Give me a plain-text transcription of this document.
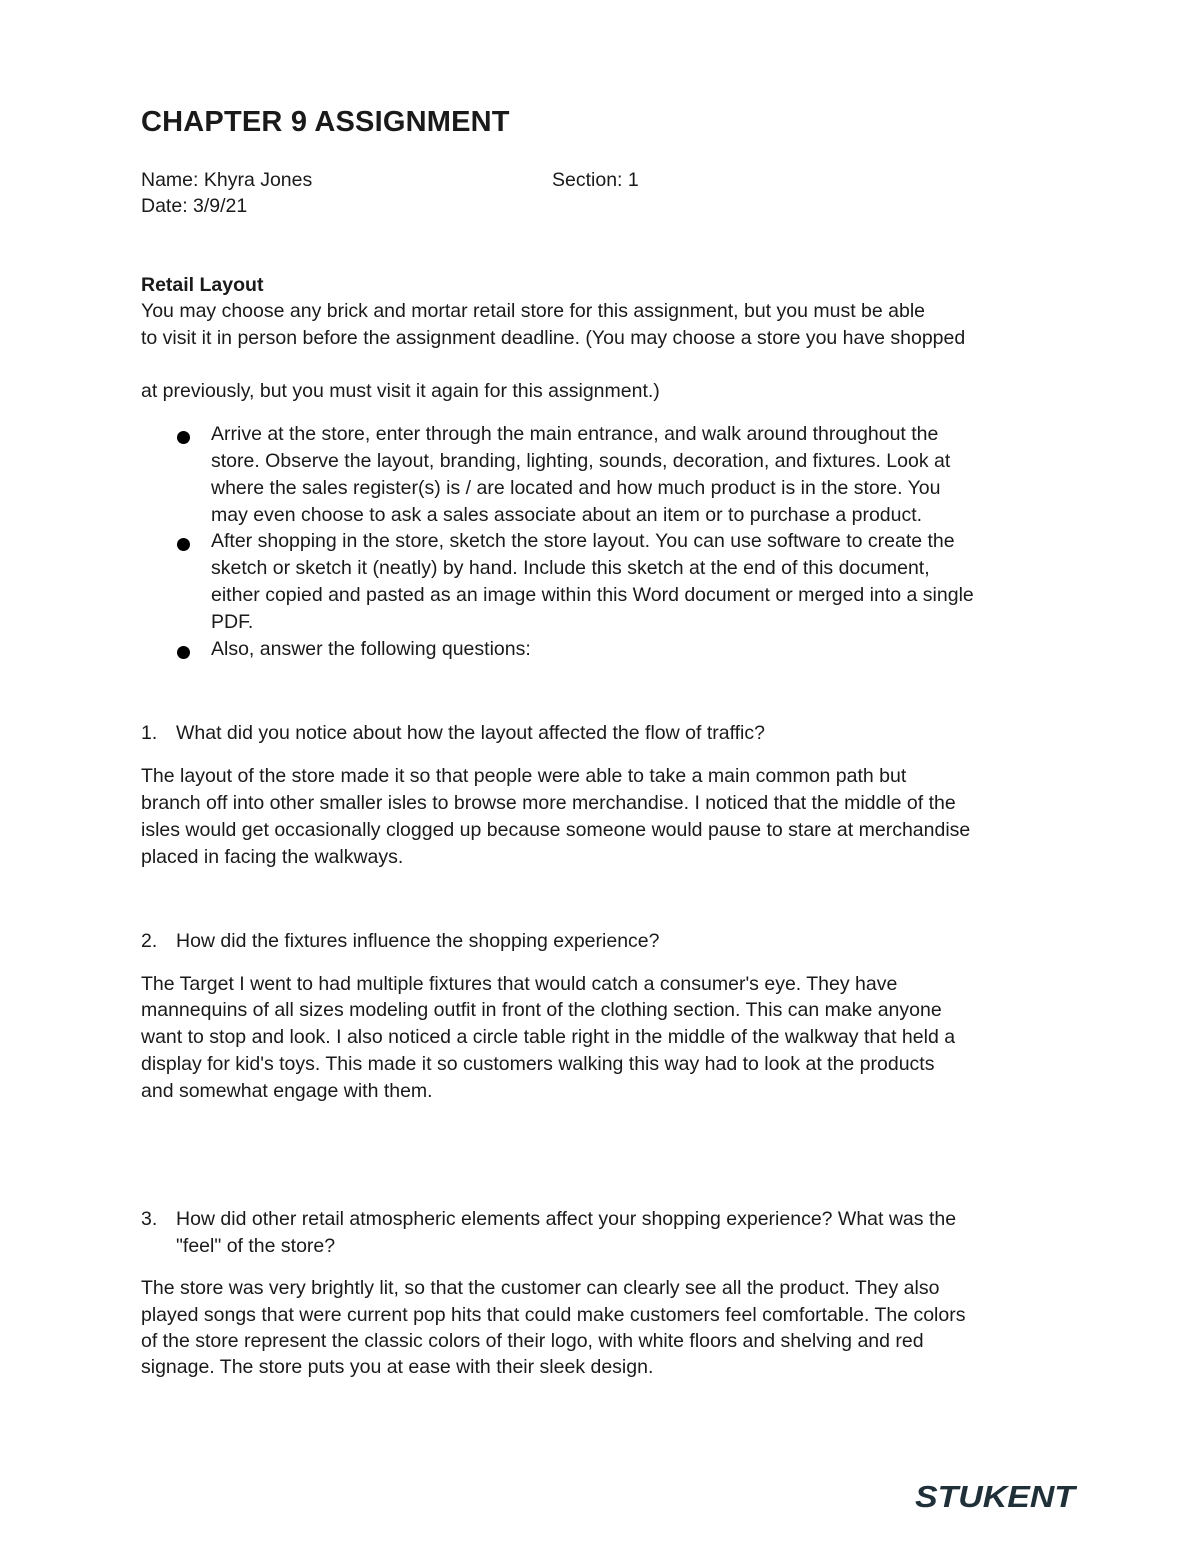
CHAPTER 9 ASSIGNMENT
Name: Khyra Jones	Section: 1
Date: 3/9/21
Retail Layout
You may choose any brick and mortar retail store for this assignment, but you must be able
to visit it in person before the assignment deadline. (You may choose a store you have shopped
at previously, but you must visit it again for this assignment.)
Arrive at the store, enter through the main entrance, and walk around throughout the
store. Observe the layout, branding, lighting, sounds, decoration, and fixtures. Look at
where the sales register(s) is / are located and how much product is in the store. You
may even choose to ask a sales associate about an item or to purchase a product.
After shopping in the store, sketch the store layout. You can use software to create the
sketch or sketch it (neatly) by hand. Include this sketch at the end of this document,
either copied and pasted as an image within this Word document or merged into a single
PDF.
Also, answer the following questions:
1. What did you notice about how the layout affected the flow of traffic?
The layout of the store made it so that people were able to take a main common path but
branch off into other smaller isles to browse more merchandise. I noticed that the middle of the
isles would get occasionally clogged up because someone would pause to stare at merchandise
placed in facing the walkways.
2. How did the fixtures influence the shopping experience?
The Target I went to had multiple fixtures that would catch a consumer's eye. They have
mannequins of all sizes modeling outfit in front of the clothing section. This can make anyone
want to stop and look. I also noticed a circle table right in the middle of the walkway that held a
display for kid's toys. This made it so customers walking this way had to look at the products
and somewhat engage with them.
3. How did other retail atmospheric elements affect your shopping experience? What was the
"feel" of the store?
The store was very brightly lit, so that the customer can clearly see all the product. They also
played songs that were current pop hits that could make customers feel comfortable. The colors
of the store represent the classic colors of their logo, with white floors and shelving and red
signage. The store puts you at ease with their sleek design.
STUKENT
